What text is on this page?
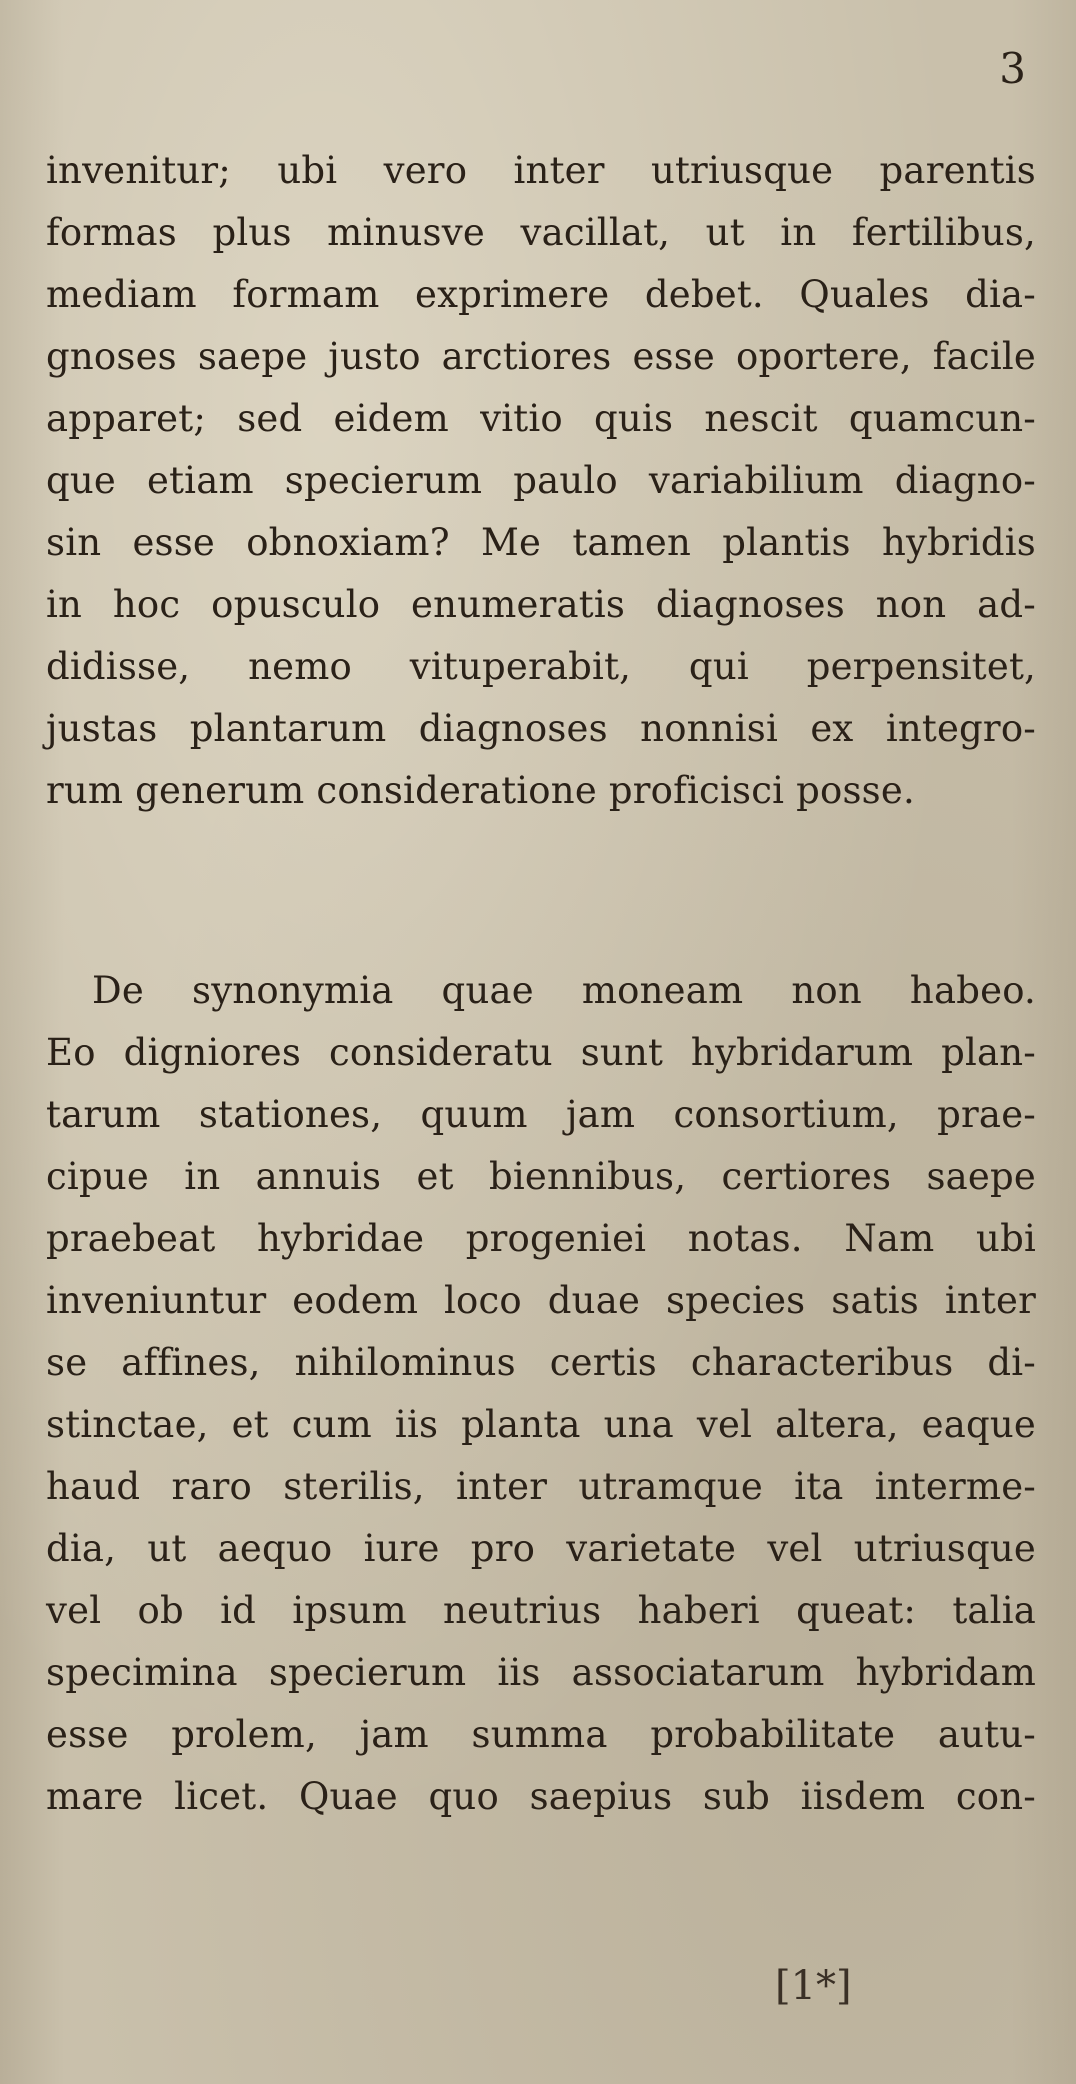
3
invenitur; ubi vero inter utriusque parentis
formas plus minusve vacillat, ut in fertilibus,
mediam formam exprimere debet. Quales dia-
gnoses saepe justo arctiores esse oportere, facile
apparet; sed eidem vitio quis nescit quamcun-
que etiam specierum paulo variabilium diagno-
sin esse obnoxiam? Me tamen plantis hybridis
in hoc opusculo enumeratis diagnoses non ad-
didisse, nemo vituperabit, qui perpensitet,
justas plantarum diagnoses nonnisi ex integro-
rum generum consideratione proficisci posse.
De synonymia quae moneam non habeo.
Eo digniores consideratu sunt hybridarum plan-
tarum stationes, quum jam consortium, prae-
cipue in annuis et biennibus, certiores saepe
praebeat hybridae progeniei notas. Nam ubi
inveniuntur eodem loco duae species satis inter
se affines, nihilominus certis characteribus di-
stinctae, et cum iis planta una vel altera, eaque
haud raro sterilis, inter utramque ita interme-
dia, ut aequo iure pro varietate vel utriusque
vel ob id ipsum neutrius haberi queat: talia
specimina specierum iis associatarum hybridam
esse prolem, jam summa probabilitate autu-
mare licet. Quae quo saepius sub iisdem con-
[1*]
